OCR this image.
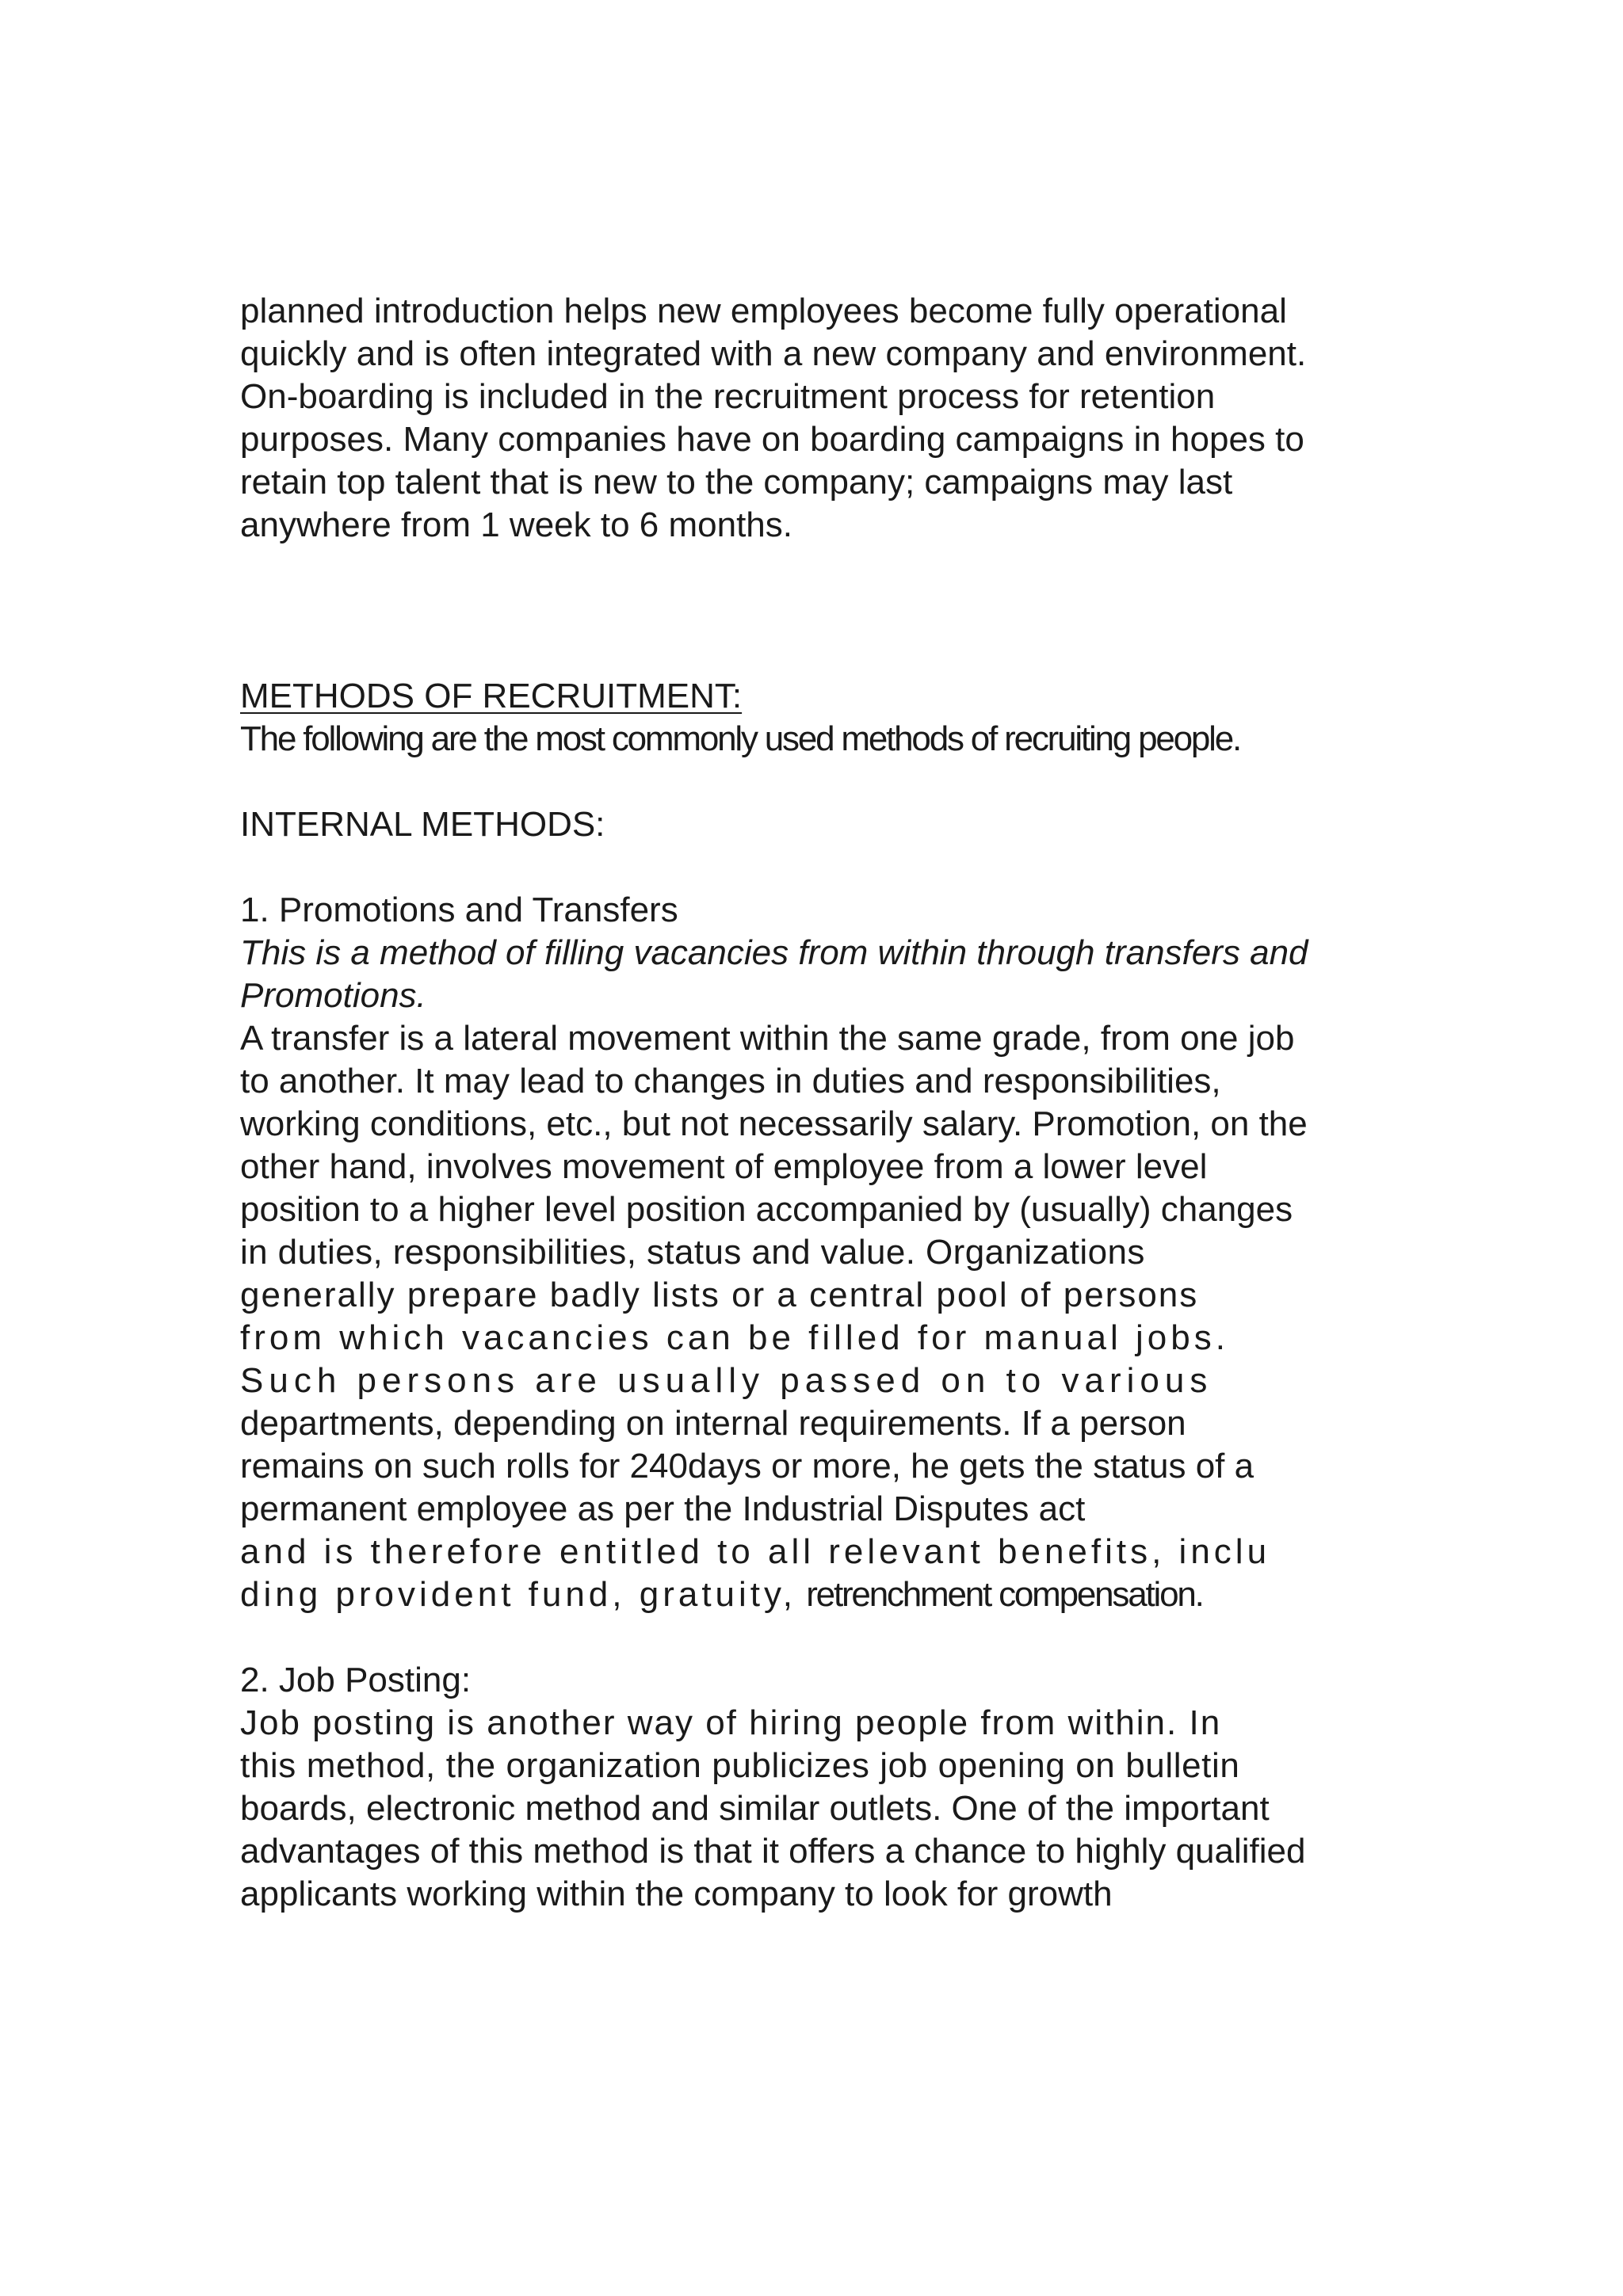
planned introduction helps new employees become fully operational

quickly and is often integrated with a new company and environment.

On-boarding is included in the recruitment process for retention

purposes. Many companies have on boarding campaigns in hopes to

retain top talent that is new to the company; campaigns may last

anywhere from 1 week to 6 months.

METHODS OF RECRUITMENT:

The following are the most commonly used methods of recruiting people.

INTERNAL METHODS:

1. Promotions and Transfers

This is a method of filling vacancies from within through transfers and

Promotions.

A transfer is a lateral movement within the same grade, from one job

to another. It may lead to changes in duties and responsibilities,

working conditions, etc., but not necessarily salary. Promotion, on the

other hand, involves movement of employee from a lower level

position to a higher level position accompanied by (usually) changes

in duties, responsibilities, status and value. Organizations

generally prepare badly lists or a central pool of persons

from which vacancies can be filled for manual jobs.

Such persons are usually passed on to various

departments, depending on internal requirements. If a person

remains on such rolls for 240days or more, he gets the status of a

permanent employee as per the Industrial Disputes act

and is therefore entitled to all relevant benefits, inclu

ding provident fund, gratuity, retrenchment compensation.

2. Job Posting:

Job posting is another way of hiring people from within. In

this method, the organization publicizes job opening on bulletin

boards, electronic method and similar outlets. One of the important

advantages of this method is that it offers a chance to highly qualified

applicants working within the company to look for growth
